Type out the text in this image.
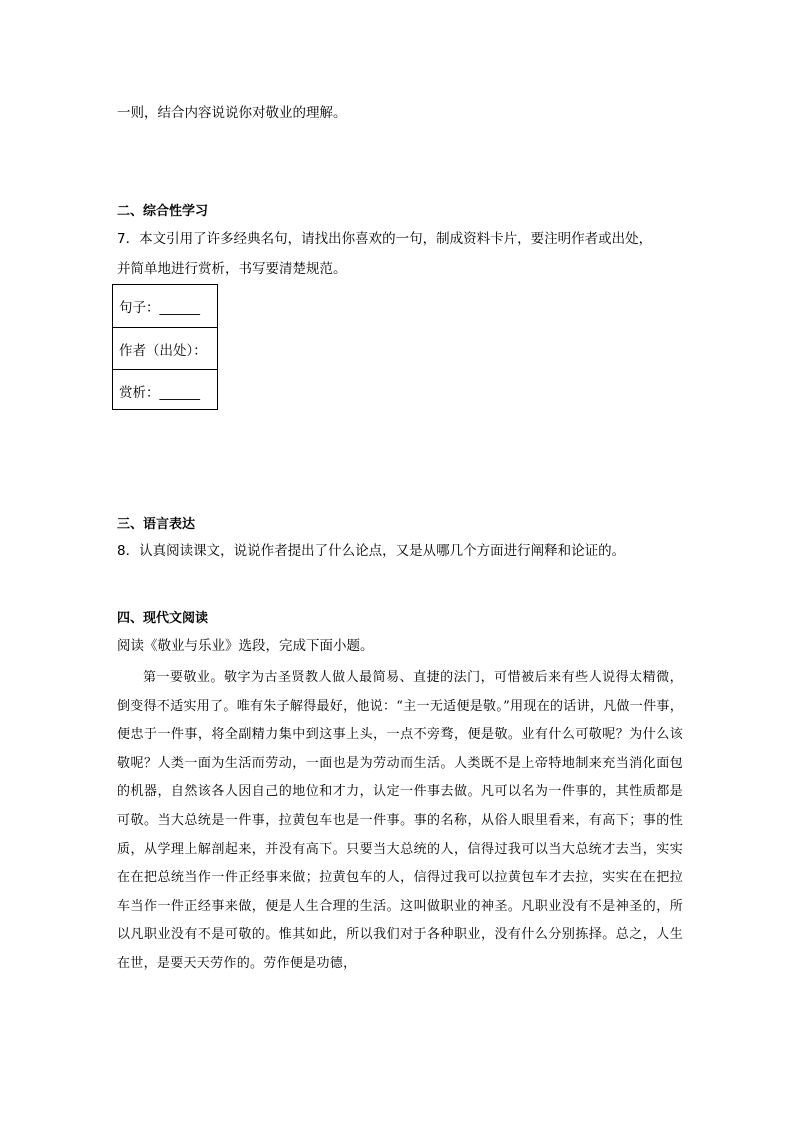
一则，结合内容说说你对敬业的理解。
二、综合性学习
7．本文引用了许多经典名句，请找出你喜欢的一句，制成资料卡片，要注明作者或出处，
并简单地进行赏析，书写要清楚规范。
句子：______
作者（出处）：
赏析：______
三、语言表达
8．认真阅读课文，说说作者提出了什么论点，又是从哪几个方面进行阐释和论证的。
四、现代文阅读
阅读《敬业与乐业》选段，完成下面小题。
第一要敬业。敬字为古圣贤教人做人最简易、直捷的法门，可惜被后来有些人说得太精微，倒变得不适实用了。唯有朱子解得最好，他说：“主一无适便是敬。”用现在的话讲，凡做一件事，便忠于一件事，将全副精力集中到这事上头，一点不旁骛，便是敬。业有什么可敬呢？为什么该敬呢？人类一面为生活而劳动，一面也是为劳动而生活。人类既不是上帝特地制来充当消化面包的机器，自然该各人因自己的地位和才力，认定一件事去做。凡可以名为一件事的，其性质都是可敬。当大总统是一件事，拉黄包车也是一件事。事的名称，从俗人眼里看来，有高下；事的性质，从学理上解剖起来，并没有高下。只要当大总统的人，信得过我可以当大总统才去当，实实在在把总统当作一件正经事来做；拉黄包车的人，信得过我可以拉黄包车才去拉，实实在在把拉车当作一件正经事来做，便是人生合理的生活。这叫做职业的神圣。凡职业没有不是神圣的，所以凡职业没有不是可敬的。惟其如此，所以我们对于各种职业，没有什么分别拣择。总之，人生在世，是要天天劳作的。劳作便是功德，
